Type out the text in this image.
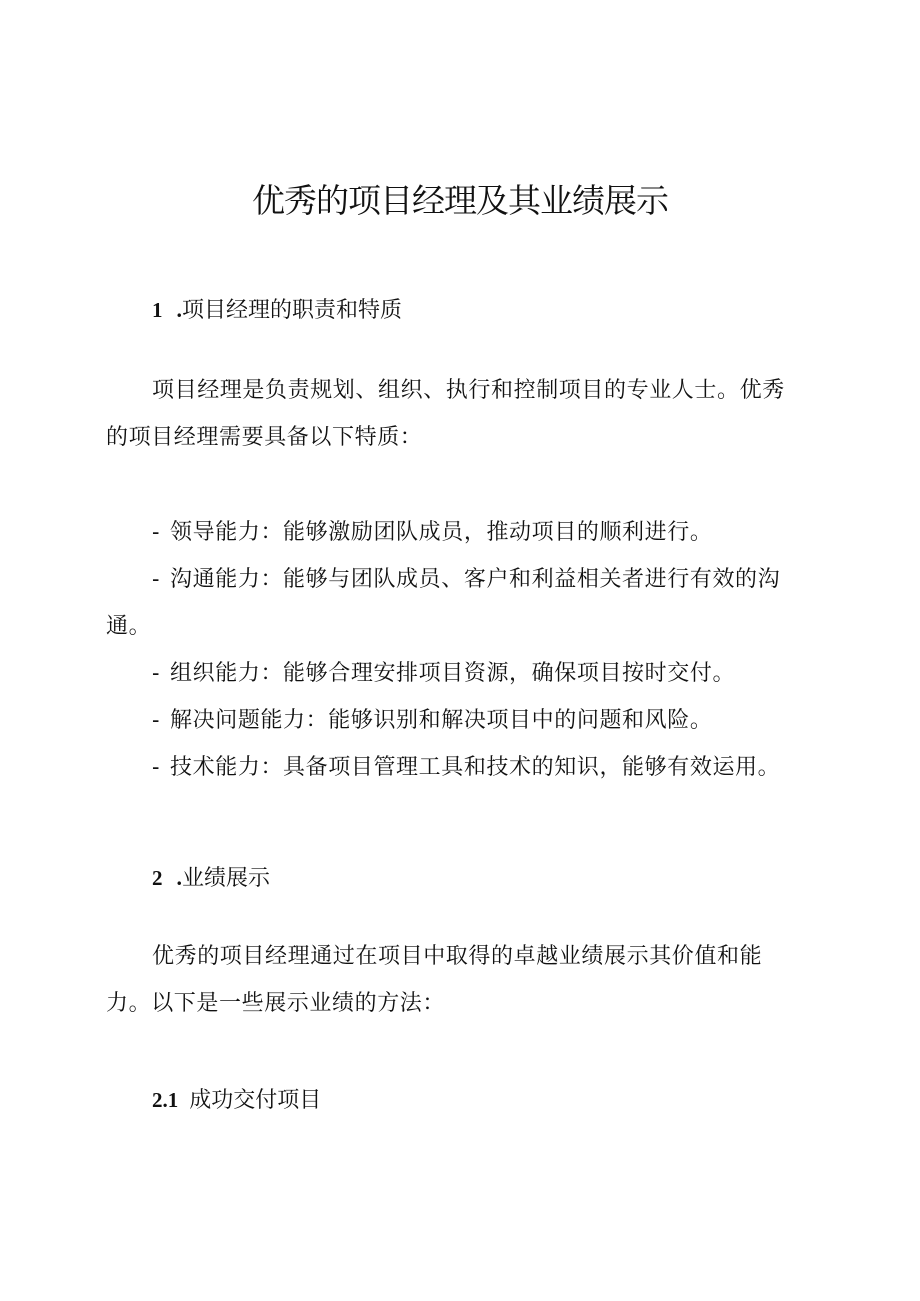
优秀的项目经理及其业绩展示
1 .项目经理的职责和特质

项目经理是负责规划、组织、执行和控制项目的专业人士。优秀的项目经理需要具备以下特质：

- 领导能力：能够激励团队成员，推动项目的顺利进行。
- 沟通能力：能够与团队成员、客户和利益相关者进行有效的沟通。
- 组织能力：能够合理安排项目资源，确保项目按时交付。
- 解决问题能力：能够识别和解决项目中的问题和风险。
- 技术能力：具备项目管理工具和技术的知识，能够有效运用。
2 .业绩展示

优秀的项目经理通过在项目中取得的卓越业绩展示其价值和能力。以下是一些展示业绩的方法：

2.1 成功交付项目
